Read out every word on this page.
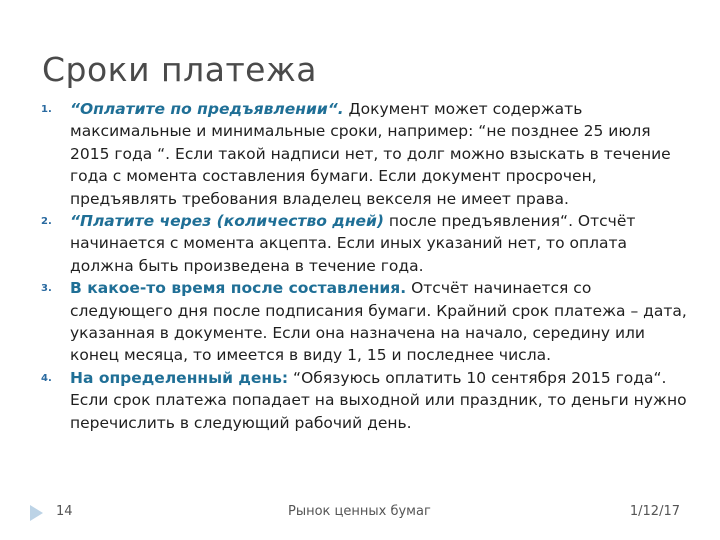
Сроки платежа
1. “Оплатите по предъявлении“. Документ может содержать максимальные и минимальные сроки, например: “не позднее 25 июля 2015 года “. Если такой надписи нет, то долг можно взыскать в течение года с момента составления бумаги. Если документ просрочен, предъявлять требования владелец векселя не имеет права.
2. “Платите через (количество дней) после предъявления“. Отсчёт начинается с момента акцепта. Если иных указаний нет, то оплата должна быть произведена в течение года.
3. В какое-то время после составления. Отсчёт начинается со следующего дня после подписания бумаги. Крайний срок платежа – дата, указанная в документе. Если она назначена на начало, середину или конец месяца, то имеется в виду 1, 15 и последнее числа.
4. На определенный день: “Обязуюсь оплатить 10 сентября 2015 года“. Если срок платежа попадает на выходной или праздник, то деньги нужно перечислить в следующий рабочий день.
14	Рынок ценных бумаг	1/12/17
